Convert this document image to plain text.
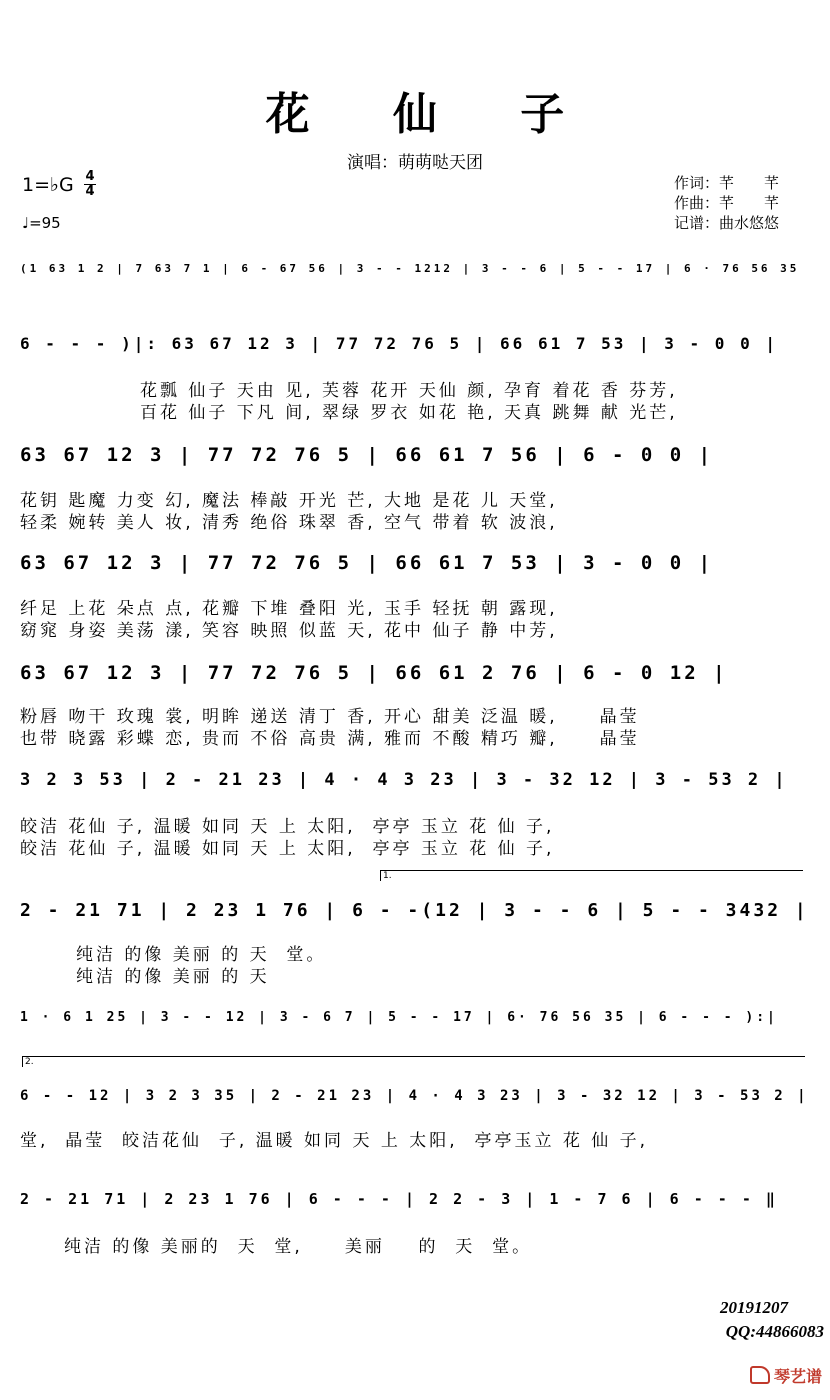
花 仙 子
演唱：萌萌哒天团
1=♭G 4
4
♩=95
作词：芊　　芊
作曲：芊　　芊
记谱：曲水悠悠
(1 63 1 2 | 7 63 7 1 | 6 - 67 56 | 3 - - 1212 | 3 - - 6 | 5 - - 17 | 6 · 76 56 35
6 - - - )|: 63 67 12 3 | 77 72 76 5 | 66 61 7 53 | 3 - 0 0 |
花瓢 仙子 天由 见, 芙蓉 花开 天仙 颜, 孕育 着花 香 芬芳,
百花 仙子 下凡 间, 翠绿 罗衣 如花 艳, 天真 跳舞 献 光芒,
63 67 12 3 | 77 72 76 5 | 66 61 7 56 | 6 - 0 0 |
花钥 匙魔 力变 幻, 魔法 棒敲 开光 芒, 大地 是花 儿 天堂,
轻柔 婉转 美人 妆, 清秀 绝俗 珠翠 香, 空气 带着 软 波浪,
63 67 12 3 | 77 72 76 5 | 66 61 7 53 | 3 - 0 0 |
纤足 上花 朵点 点, 花瓣 下堆 叠阳 光, 玉手 轻抚 朝 露现,
窈窕 身姿 美荡 漾, 笑容 映照 似蓝 天, 花中 仙子 静 中芳,
63 67 12 3 | 77 72 76 5 | 66 61 2 76 | 6 - 0 12 |
粉唇 吻干 玫瑰 裳, 明眸 递送 清丁 香, 开心 甜美 泛温 暖,     晶莹
也带 晓露 彩蝶 恋, 贵而 不俗 高贵 满, 雅而 不酸 精巧 瓣,     晶莹
3 2 3 53 | 2 - 21 23 | 4 · 4 3 23 | 3 - 32 12 | 3 - 53 2 |
皎洁 花仙 子, 温暖 如同 天 上 太阳,  亭亭 玉立 花 仙 子,
皎洁 花仙 子, 温暖 如同 天 上 太阳,  亭亭 玉立 花 仙 子,
1.
2 - 21 71 | 2 23 1 76 | 6 - -(12 | 3 - - 6 | 5 - - 3432 |
纯洁 的像 美丽 的 天  堂。
纯洁 的像 美丽 的 天
1 · 6 1 25 | 3 - - 12 | 3 - 6 7 | 5 - - 17 | 6· 76 56 35 | 6 - - - ):|
2.
6 - - 12 | 3 2 3 35 | 2 - 21 23 | 4 · 4 3 23 | 3 - 32 12 | 3 - 53 2 |
堂,  晶莹  皎洁花仙  子, 温暖 如同 天 上 太阳,  亭亭玉立 花 仙 子,
2 - 21 71 | 2 23 1 76 | 6 - - - | 2 2 - 3 | 1 - 7 6 | 6 - - - ‖
纯洁 的像 美丽的  天  堂,     美丽    的  天  堂。
20191207
QQ:44866083
琴艺谱
